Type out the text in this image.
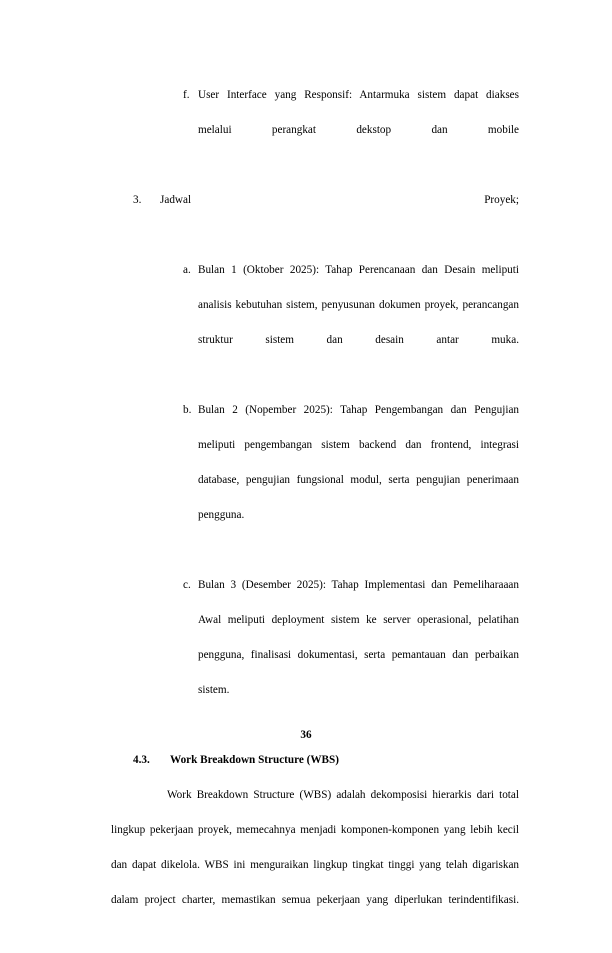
f. User Interface yang Responsif: Antarmuka sistem dapat diakses melalui perangkat dekstop dan mobile
3. Jadwal Proyek;
a. Bulan 1 (Oktober 2025): Tahap Perencanaan dan Desain meliputi analisis kebutuhan sistem, penyusunan dokumen proyek, perancangan struktur sistem dan desain antar muka.
b. Bulan 2 (Nopember 2025): Tahap Pengembangan dan Pengujian meliputi pengembangan sistem backend dan frontend, integrasi database, pengujian fungsional modul, serta pengujian penerimaan pengguna.
c. Bulan 3 (Desember 2025): Tahap Implementasi dan Pemeliharaaan Awal meliputi deployment sistem ke server operasional, pelatihan pengguna, finalisasi dokumentasi, serta pemantauan dan perbaikan sistem.
4.3. Work Breakdown Structure (WBS)
Work Breakdown Structure (WBS) adalah dekomposisi hierarkis dari total lingkup pekerjaan proyek, memecahnya menjadi komponen-komponen yang lebih kecil dan dapat dikelola. WBS ini menguraikan lingkup tingkat tinggi yang telah digariskan dalam project charter, memastikan semua pekerjaan yang diperlukan terindentifikasi.
36
